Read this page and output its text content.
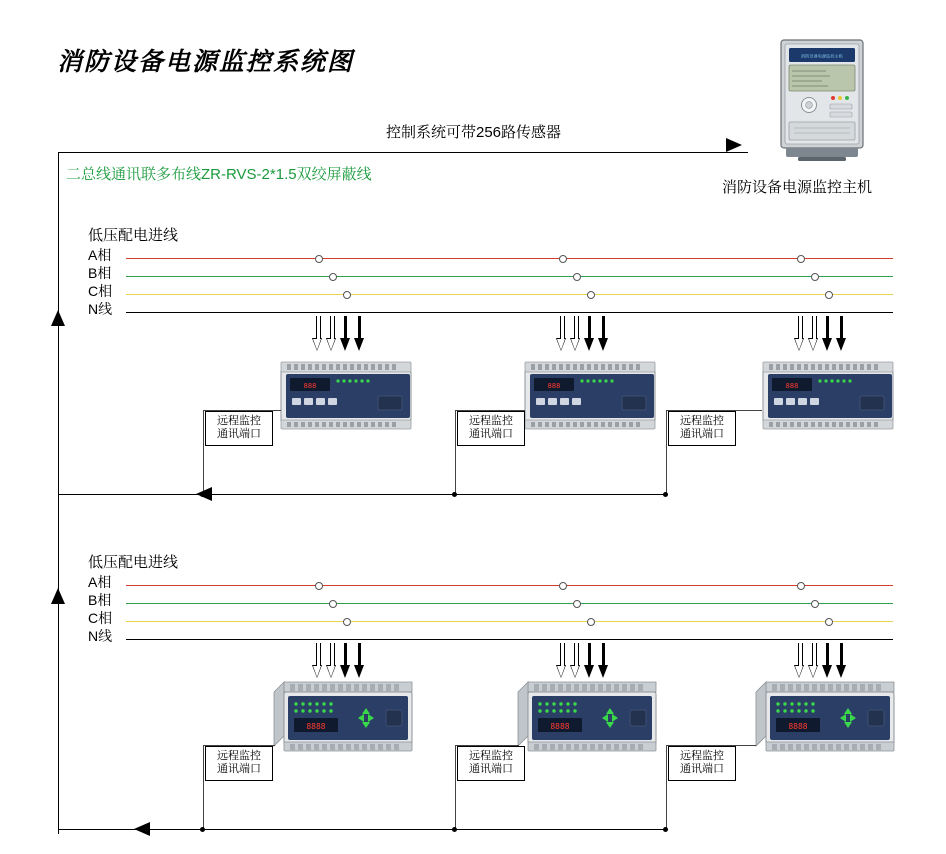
消防设备电源监控系统图	消防设备电源监控主机
消防设备电源监控主机
控制系统可带256路传感器
二总线通讯联多布线ZR-RVS-2*1.5双绞屏蔽线
低压配电进线
A相
B相
C相
N线
888
远程监控
通讯端口
888
远程监控
通讯端口
888
远程监控
通讯端口
低压配电进线
A相
B相
C相
N线
8888
远程监控
通讯端口
8888
远程监控
通讯端口
8888
远程监控
通讯端口
